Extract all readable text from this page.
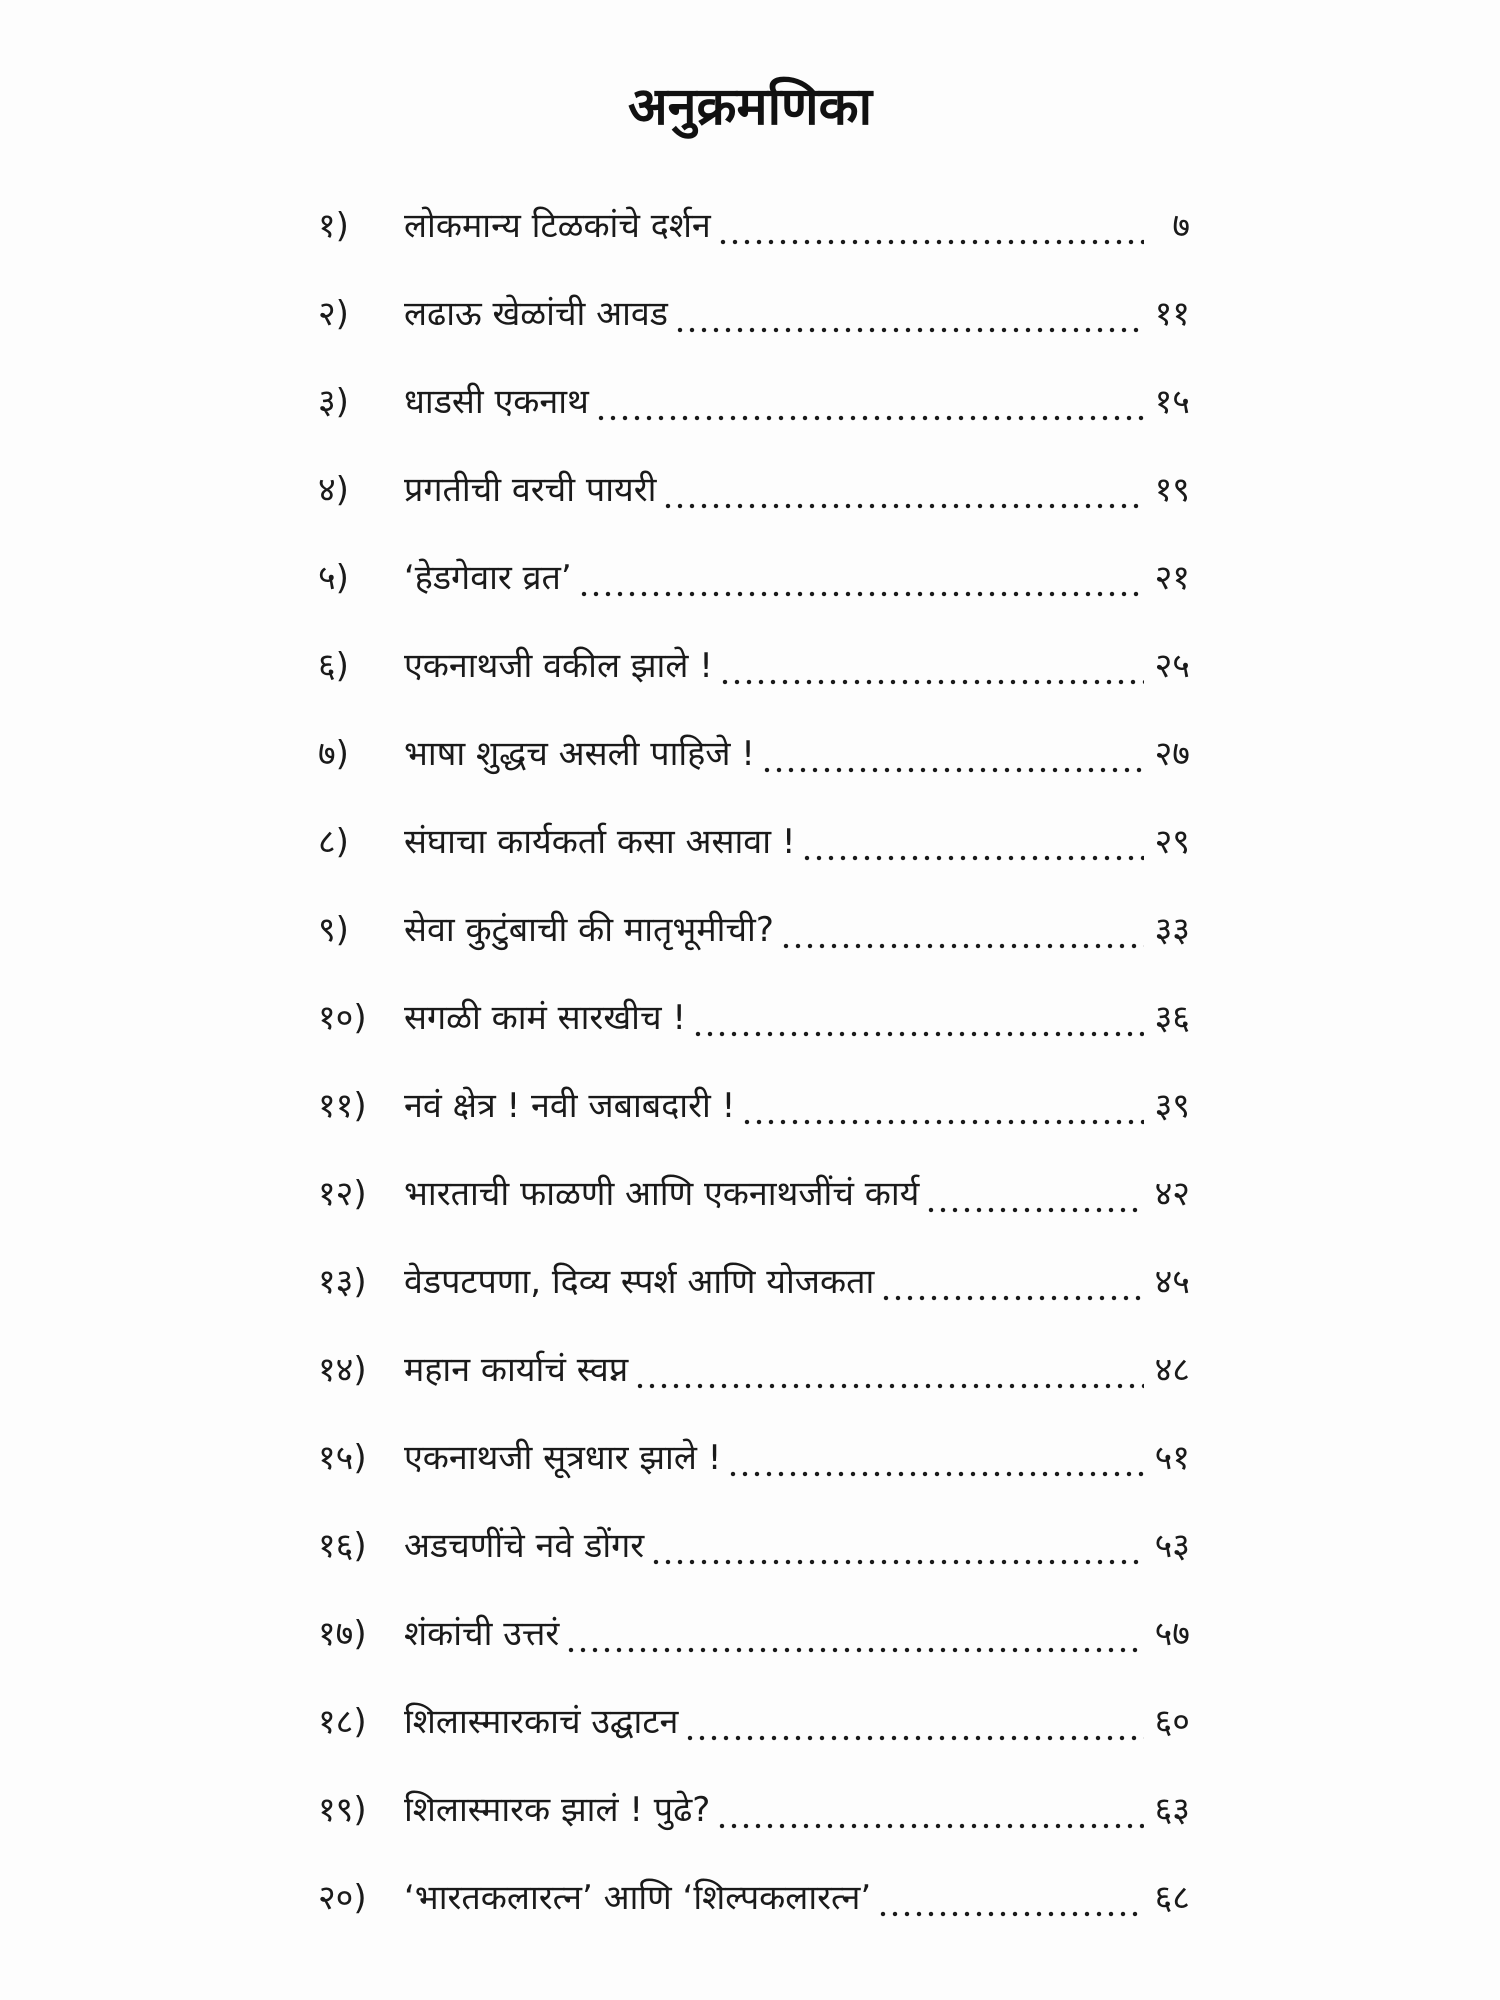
अनुक्रमणिका
१)	लोकमान्य टिळकांचे दर्शन	७
२)	लढाऊ खेळांची आवड	११
३)	धाडसी एकनाथ	१५
४)	प्रगतीची वरची पायरी	१९
५)	‘हेडगेवार व्रत’	२१
६)	एकनाथजी वकील झाले !	२५
७)	भाषा शुद्धच असली पाहिजे !	२७
८)	संघाचा कार्यकर्ता कसा असावा !	२९
९)	सेवा कुटुंबाची की मातृभूमीची?	३३
१०)	सगळी कामं सारखीच !	३६
११)	नवं क्षेत्र ! नवी जबाबदारी !	३९
१२)	भारताची फाळणी आणि एकनाथजींचं कार्य	४२
१३)	वेडपटपणा, दिव्य स्पर्श आणि योजकता	४५
१४)	महान कार्याचं स्वप्न	४८
१५)	एकनाथजी सूत्रधार झाले !	५१
१६)	अडचणींचे नवे डोंगर	५३
१७)	शंकांची उत्तरं	५७
१८)	शिलास्मारकाचं उद्घाटन	६०
१९)	शिलास्मारक झालं ! पुढे?	६३
२०)	‘भारतकलारत्न’ आणि ‘शिल्पकलारत्न’	६८
